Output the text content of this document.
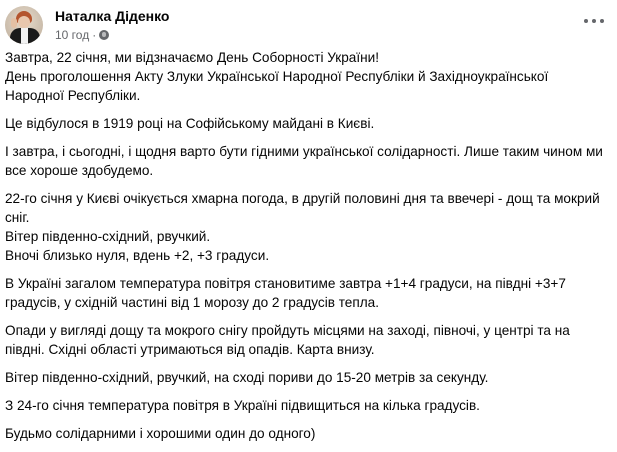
Наталка Діденко
10 год ·

Завтра, 22 січня, ми відзначаємо День Соборності України!
День проголошення Акту Злуки Української Народної Республіки й Західноукраїнської Народної Республіки.

Це відбулося в 1919 році на Софійському майдані в Києві.

І завтра, і сьогодні, і щодня варто бути гідними української солідарності. Лише таким чином ми все хороше здобудемо.

22-го січня у Києві очікується хмарна погода, в другій половині дня та ввечері - дощ та мокрий сніг.
Вітер південно-східний, рвучкий.
Вночі близько нуля, вдень +2, +3 градуси.

В Україні загалом температура повітря становитиме завтра +1+4 градуси, на півдні +3+7 градусів, у східній частині від 1 морозу до 2 градусів тепла.

Опади у вигляді дощу та мокрого снігу пройдуть місцями на заході, півночі, у центрі та на півдні. Східні області утримаються від опадів. Карта внизу.

Вітер південно-східний, рвучкий, на сході пориви до 15-20 метрів за секунду.

З 24-го січня температура повітря в Україні підвищиться на кілька градусів.

Будьмо солідарними і хорошими один до одного)
